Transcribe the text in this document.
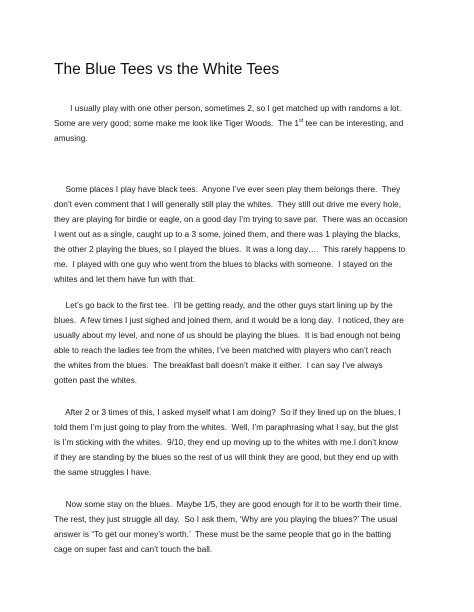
The Blue Tees vs the White Tees
I usually play with one other person, sometimes 2, so I get matched up with randoms a lot.
Some are very good; some make me look like Tiger Woods.  The 1st tee can be interesting, and
amusing.
Some places I play have black tees.  Anyone I’ve ever seen play them belongs there.  They
don’t even comment that I will generally still play the whites.  They still out drive me every hole,
they are playing for birdie or eagle, on a good day I’m trying to save par.  There was an occasion
I went out as a single, caught up to a 3 some, joined them, and there was 1 playing the blacks,
the other 2 playing the blues, so I played the blues.  It was a long day….  This rarely happens to
me.  I played with one guy who went from the blues to blacks with someone.  I stayed on the
whites and let them have fun with that.
Let’s go back to the first tee.  I’ll be getting ready, and the other guys start lining up by the
blues.  A few times I just sighed and joined them, and it would be a long day.  I noticed, they are
usually about my level, and none of us should be playing the blues.  It is bad enough not being
able to reach the ladies tee from the whites, I’ve been matched with players who can’t reach
the whites from the blues.  The breakfast ball doesn’t make it either.  I can say I’ve always
gotten past the whites.
After 2 or 3 times of this, I asked myself what I am doing?  So if they lined up on the blues, I
told them I’m just going to play from the whites.  Well, I’m paraphrasing what I say, but the gist
is I’m sticking with the whites.  9/10, they end up moving up to the whites with me.I don’t know
if they are standing by the blues so the rest of us will think they are good, but they end up with
the same struggles I have.
Now some stay on the blues.  Maybe 1/5, they are good enough for it to be worth their time.
The rest, they just struggle all day.  So I ask them, ‘Why are you playing the blues?’ The usual
answer is “To get our money’s worth.’  These must be the same people that go in the batting
cage on super fast and can’t touch the ball.
